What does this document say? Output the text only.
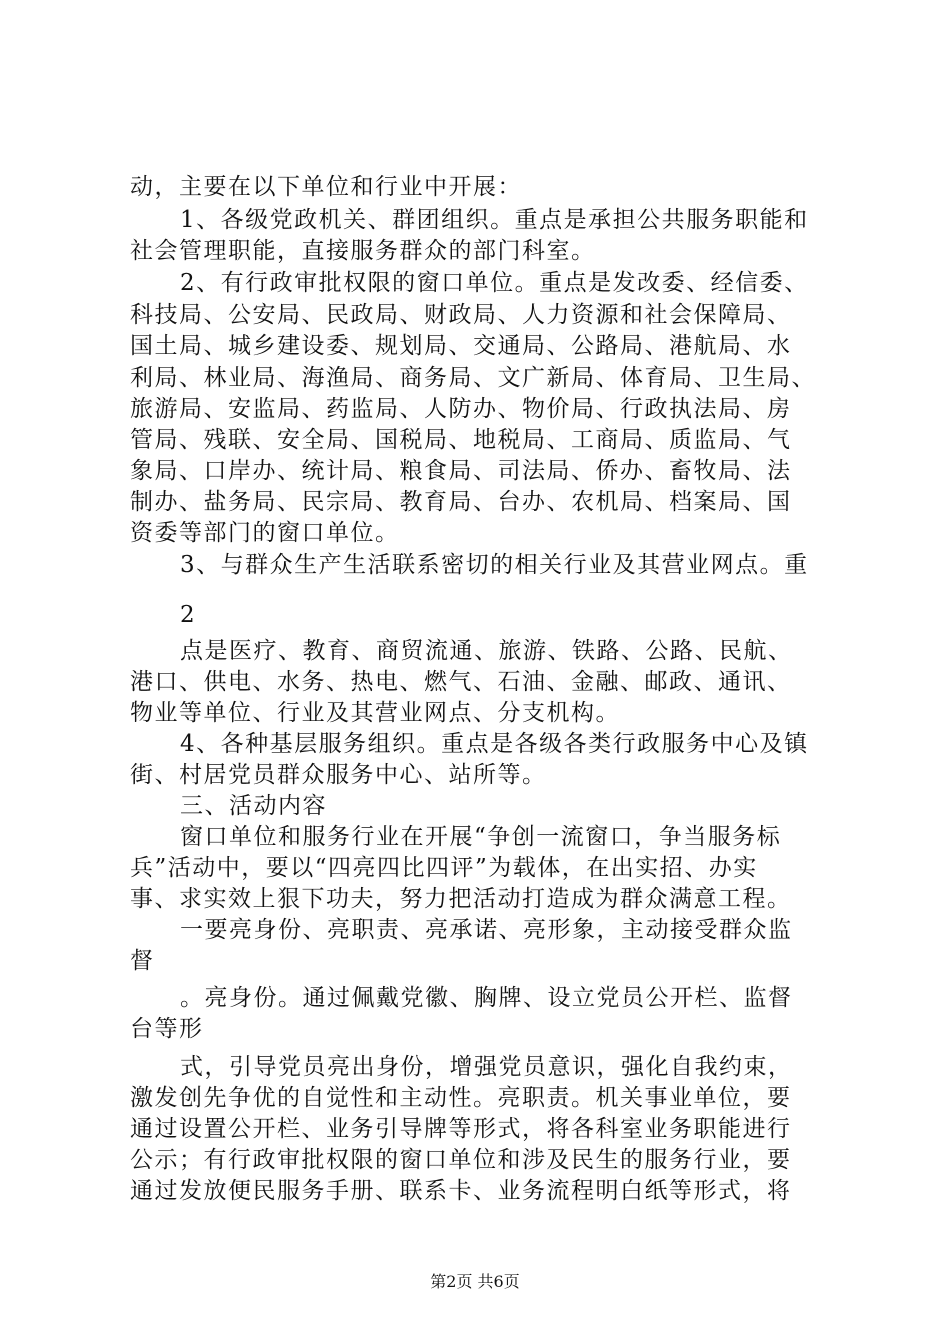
动，主要在以下单位和行业中开展：
1、各级党政机关、群团组织。重点是承担公共服务职能和
社会管理职能，直接服务群众的部门科室。
2、有行政审批权限的窗口单位。重点是发改委、经信委、
科技局、公安局、民政局、财政局、人力资源和社会保障局、
国土局、城乡建设委、规划局、交通局、公路局、港航局、水
利局、林业局、海渔局、商务局、文广新局、体育局、卫生局、
旅游局、安监局、药监局、人防办、物价局、行政执法局、房
管局、残联、安全局、国税局、地税局、工商局、质监局、气
象局、口岸办、统计局、粮食局、司法局、侨办、畜牧局、法
制办、盐务局、民宗局、教育局、台办、农机局、档案局、国
资委等部门的窗口单位。
3、与群众生产生活联系密切的相关行业及其营业网点。重
2
点是医疗、教育、商贸流通、旅游、铁路、公路、民航、
港口、供电、水务、热电、燃气、石油、金融、邮政、通讯、
物业等单位、行业及其营业网点、分支机构。
4、各种基层服务组织。重点是各级各类行政服务中心及镇
街、村居党员群众服务中心、站所等。
三、活动内容
窗口单位和服务行业在开展“争创一流窗口，争当服务标
兵”活动中，要以“四亮四比四评”为载体，在出实招、办实
事、求实效上狠下功夫，努力把活动打造成为群众满意工程。
一要亮身份、亮职责、亮承诺、亮形象，主动接受群众监
督
。亮身份。通过佩戴党徽、胸牌、设立党员公开栏、监督
台等形
式，引导党员亮出身份，增强党员意识，强化自我约束，
激发创先争优的自觉性和主动性。亮职责。机关事业单位，要
通过设置公开栏、业务引导牌等形式，将各科室业务职能进行
公示；有行政审批权限的窗口单位和涉及民生的服务行业，要
通过发放便民服务手册、联系卡、业务流程明白纸等形式，将
第2页 共6页
